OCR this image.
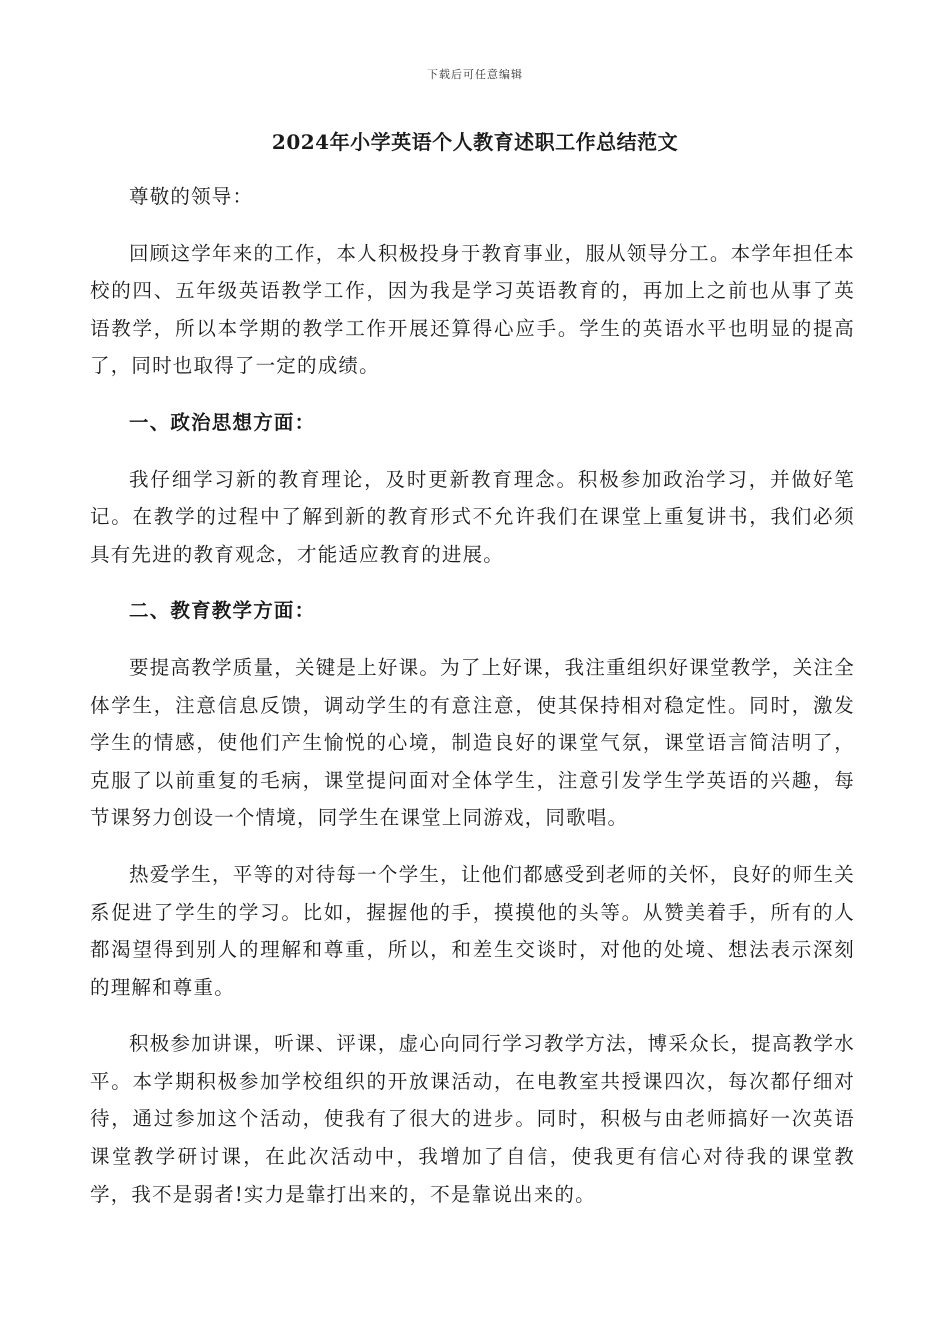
下载后可任意编辑
2024年小学英语个人教育述职工作总结范文

尊敬的领导：

回顾这学年来的工作，本人积极投身于教育事业，服从领导分工。本学年担任本校的四、五年级英语教学工作，因为我是学习英语教育的，再加上之前也从事了英语教学，所以本学期的教学工作开展还算得心应手。学生的英语水平也明显的提高了，同时也取得了一定的成绩。

一、政治思想方面：

我仔细学习新的教育理论，及时更新教育理念。积极参加政治学习，并做好笔记。在教学的过程中了解到新的教育形式不允许我们在课堂上重复讲书，我们必须具有先进的教育观念，才能适应教育的进展。

二、教育教学方面：

要提高教学质量，关键是上好课。为了上好课，我注重组织好课堂教学，关注全体学生，注意信息反馈，调动学生的有意注意，使其保持相对稳定性。同时，激发学生的情感，使他们产生愉悦的心境，制造良好的课堂气氛，课堂语言简洁明了，克服了以前重复的毛病，课堂提问面对全体学生，注意引发学生学英语的兴趣，每节课努力创设一个情境，同学生在课堂上同游戏，同歌唱。

热爱学生，平等的对待每一个学生，让他们都感受到老师的关怀，良好的师生关系促进了学生的学习。比如，握握他的手，摸摸他的头等。从赞美着手，所有的人都渴望得到别人的理解和尊重，所以，和差生交谈时，对他的处境、想法表示深刻的理解和尊重。

积极参加讲课，听课、评课，虚心向同行学习教学方法，博采众长，提高教学水平。本学期积极参加学校组织的开放课活动，在电教室共授课四次，每次都仔细对待，通过参加这个活动，使我有了很大的进步。同时，积极与由老师搞好一次英语课堂教学研讨课，在此次活动中，我增加了自信，使我更有信心对待我的课堂教学，我不是弱者!实力是靠打出来的，不是靠说出来的。
